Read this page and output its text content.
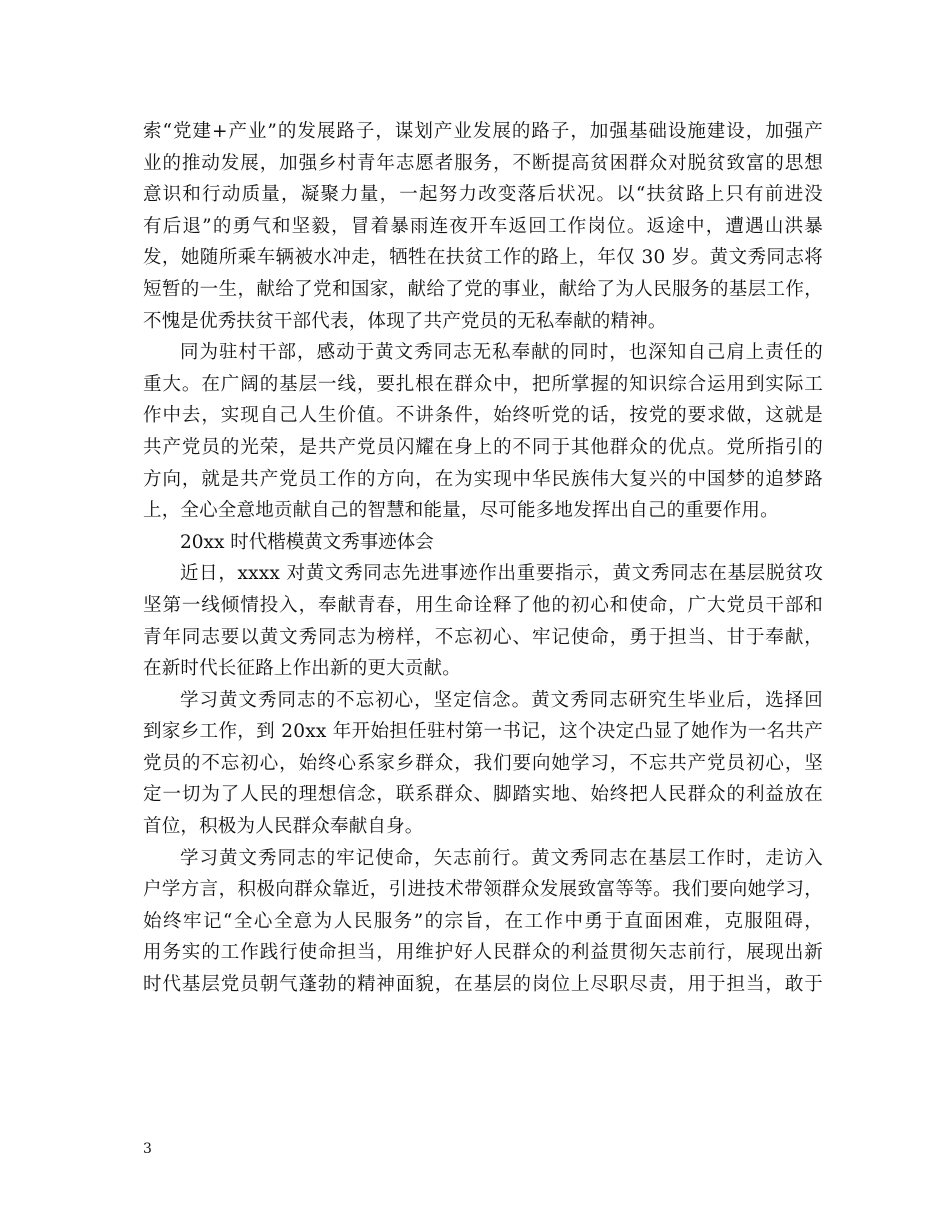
索“党建+产业”的发展路子，谋划产业发展的路子，加强基础设施建设，加强产
业的推动发展，加强乡村青年志愿者服务，不断提高贫困群众对脱贫致富的思想
意识和行动质量，凝聚力量，一起努力改变落后状况。以“扶贫路上只有前进没
有后退”的勇气和坚毅，冒着暴雨连夜开车返回工作岗位。返途中，遭遇山洪暴
发，她随所乘车辆被水冲走，牺牲在扶贫工作的路上，年仅 30 岁。黄文秀同志将
短暂的一生，献给了党和国家，献给了党的事业，献给了为人民服务的基层工作，
不愧是优秀扶贫干部代表，体现了共产党员的无私奉献的精神。

同为驻村干部，感动于黄文秀同志无私奉献的同时，也深知自己肩上责任的
重大。在广阔的基层一线，要扎根在群众中，把所掌握的知识综合运用到实际工
作中去，实现自己人生价值。不讲条件，始终听党的话，按党的要求做，这就是
共产党员的光荣，是共产党员闪耀在身上的不同于其他群众的优点。党所指引的
方向，就是共产党员工作的方向，在为实现中华民族伟大复兴的中国梦的追梦路
上，全心全意地贡献自己的智慧和能量，尽可能多地发挥出自己的重要作用。

20xx 时代楷模黄文秀事迹体会

近日，xxxx 对黄文秀同志先进事迹作出重要指示，黄文秀同志在基层脱贫攻
坚第一线倾情投入，奉献青春，用生命诠释了他的初心和使命，广大党员干部和
青年同志要以黄文秀同志为榜样，不忘初心、牢记使命，勇于担当、甘于奉献，
在新时代长征路上作出新的更大贡献。

学习黄文秀同志的不忘初心，坚定信念。黄文秀同志研究生毕业后，选择回
到家乡工作，到 20xx 年开始担任驻村第一书记，这个决定凸显了她作为一名共产
党员的不忘初心，始终心系家乡群众，我们要向她学习，不忘共产党员初心，坚
定一切为了人民的理想信念，联系群众、脚踏实地、始终把人民群众的利益放在
首位，积极为人民群众奉献自身。

学习黄文秀同志的牢记使命，矢志前行。黄文秀同志在基层工作时，走访入
户学方言，积极向群众靠近，引进技术带领群众发展致富等等。我们要向她学习，
始终牢记“全心全意为人民服务”的宗旨，在工作中勇于直面困难，克服阻碍，
用务实的工作践行使命担当，用维护好人民群众的利益贯彻矢志前行，展现出新
时代基层党员朝气蓬勃的精神面貌，在基层的岗位上尽职尽责，用于担当，敢于

3
